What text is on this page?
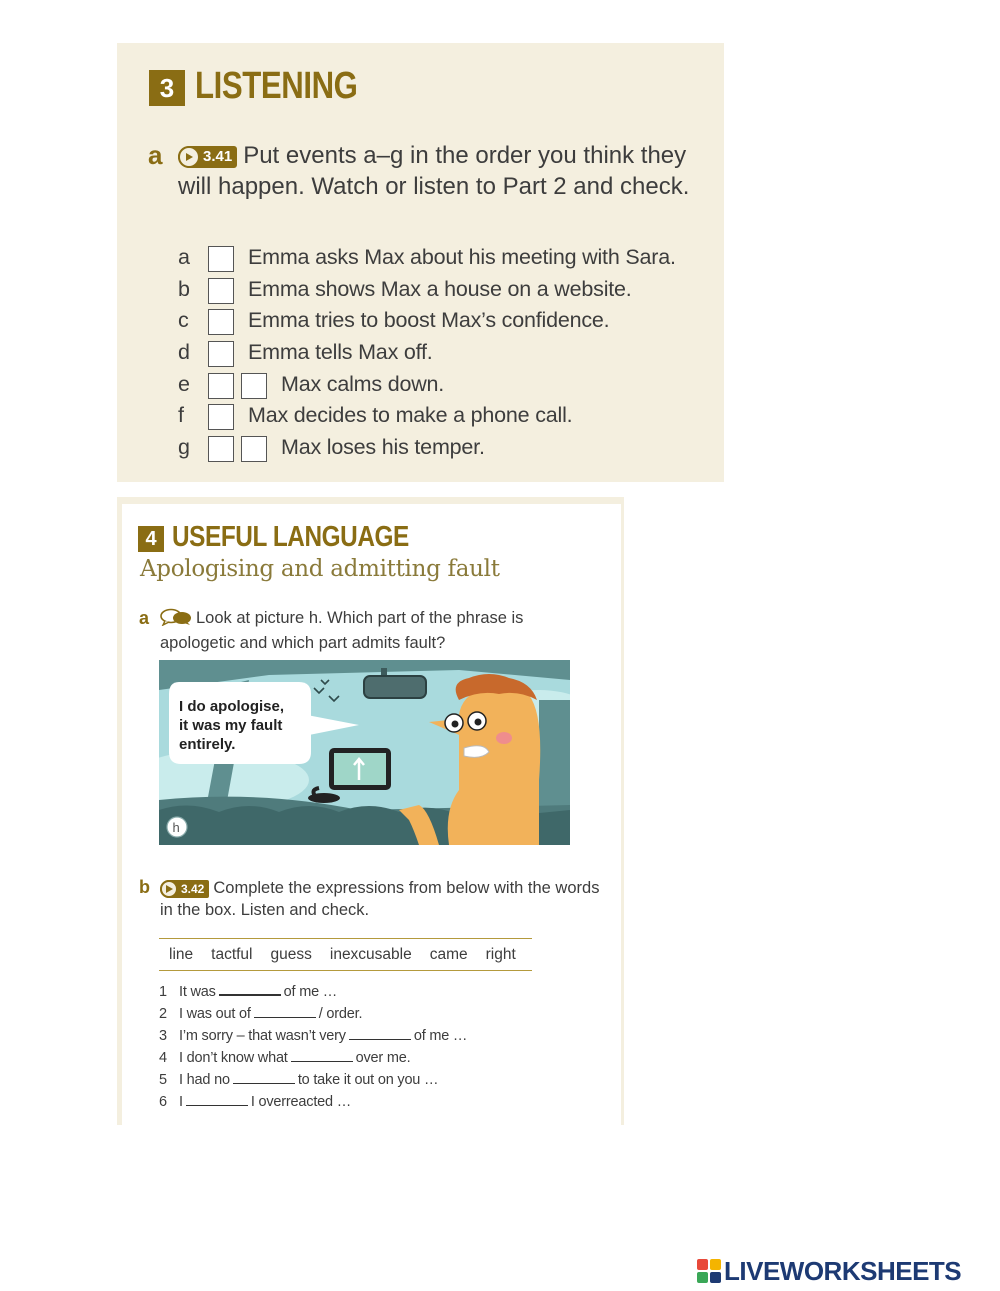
3 LISTENING
a	3.41 Put events a–g in the order you think they will happen. Watch or listen to Part 2 and check.
a	Emma asks Max about his meeting with Sara.
b	Emma shows Max a house on a website.
c	Emma tries to boost Max’s confidence.
d	Emma tells Max off.
e	Max calms down.
f	Max decides to make a phone call.
g	Max loses his temper.
4 USEFUL LANGUAGE
Apologising and admitting fault
a	Look at picture h. Which part of the phrase is apologetic and which part admits fault?
I do apologise,
it was my fault
entirely.
h
b	3.42 Complete the expressions from below with the words in the box. Listen and check.
line tactful guess inexcusable came right
1 It was	of me …
2 I was out of	/ order.
3 I’m sorry – that wasn’t very	of me …
4 I don’t know what	over me.
5 I had no	to take it out on you …
6 I	I overreacted …
LIVEWORKSHEETS
